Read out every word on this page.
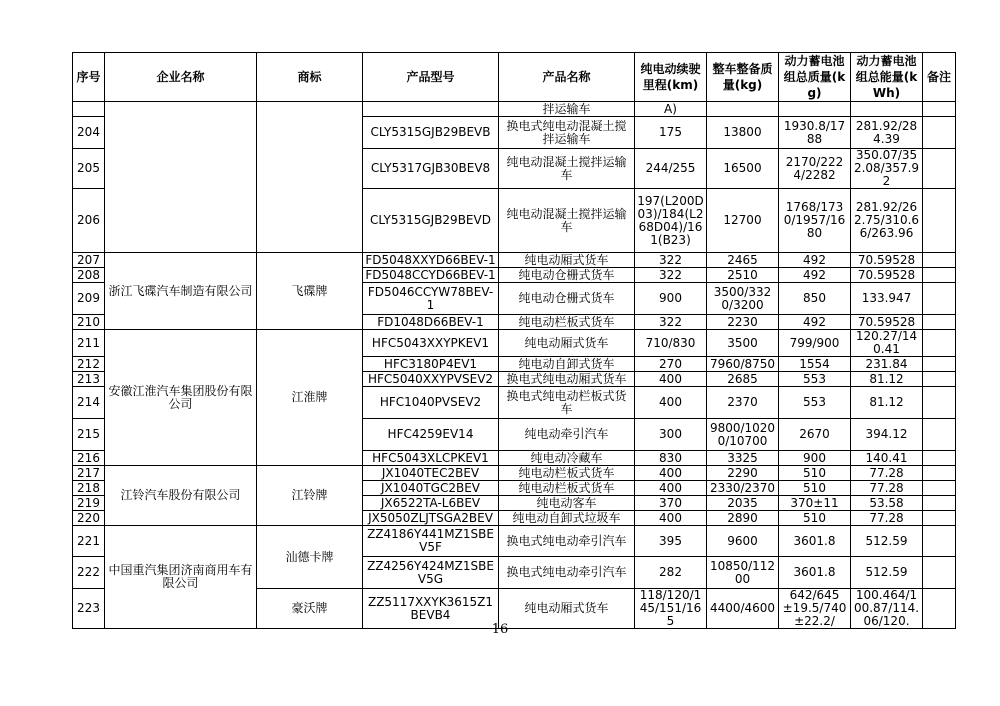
序号	企业名称	商标	产品型号	产品名称	纯电动续驶里程(km)	整车整备质量(kg)	动力蓄电池组总质量(kg)	动力蓄电池组总能量(kWh)	备注
				拌运输车	A)				
204			CLY5315GJB29BEVB	换电式纯电动混凝土搅拌运输车	175	13800	1930.8/1788	281.92/284.39	
205			CLY5317GJB30BEV8	纯电动混凝土搅拌运输车	244/255	16500	2170/2224/2282	350.07/352.08/357.92	
206			CLY5315GJB29BEVD	纯电动混凝土搅拌运输车	197(L200D03)/184(L268D04)/161(B23)	12700	1768/1730/1957/1680	281.92/262.75/310.66/263.96	
207	浙江飞碟汽车制造有限公司	飞碟牌	FD5048XXYD66BEV-1	纯电动厢式货车	322	2465	492	70.59528	
208			FD5048CCYD66BEV-1	纯电动仓栅式货车	322	2510	492	70.59528	
209			FD5046CCYW78BEV-1	纯电动仓栅式货车	900	3500/3320/3200	850	133.947	
210			FD1048D66BEV-1	纯电动栏板式货车	322	2230	492	70.59528	
211	安徽江淮汽车集团股份有限公司	江淮牌	HFC5043XXYPKEV1	纯电动厢式货车	710/830	3500	799/900	120.27/140.41	
212			HFC3180P4EV1	纯电动自卸式货车	270	7960/8750	1554	231.84	
213			HFC5040XXYPVSEV2	换电式纯电动厢式货车	400	2685	553	81.12	
214			HFC1040PVSEV2	换电式纯电动栏板式货车	400	2370	553	81.12	
215			HFC4259EV14	纯电动牵引汽车	300	9800/10200/10700	2670	394.12	
216			HFC5043XLCPKEV1	纯电动冷藏车	830	3325	900	140.41	
217	江铃汽车股份有限公司	江铃牌	JX1040TEC2BEV	纯电动栏板式货车	400	2290	510	77.28	
218			JX1040TGC2BEV	纯电动栏板式货车	400	2330/2370	510	77.28	
219			JX6522TA-L6BEV	纯电动客车	370	2035	370±11	53.58	
220			JX5050ZLJTSGA2BEV	纯电动自卸式垃圾车	400	2890	510	77.28	
221	中国重汽集团济南商用车有限公司	汕德卡牌	ZZ4186Y441MZ1SBEV5F	换电式纯电动牵引汽车	395	9600	3601.8	512.59	
222			ZZ4256Y424MZ1SBEV5G	换电式纯电动牵引汽车	282	10850/11200	3601.8	512.59	
223		豪沃牌	ZZ5117XXYK3615Z1BEVB4	纯电动厢式货车	118/120/145/151/165	4400/4600	642/645±19.5/740±22.2/	100.464/100.87/114.06/120.	
16
